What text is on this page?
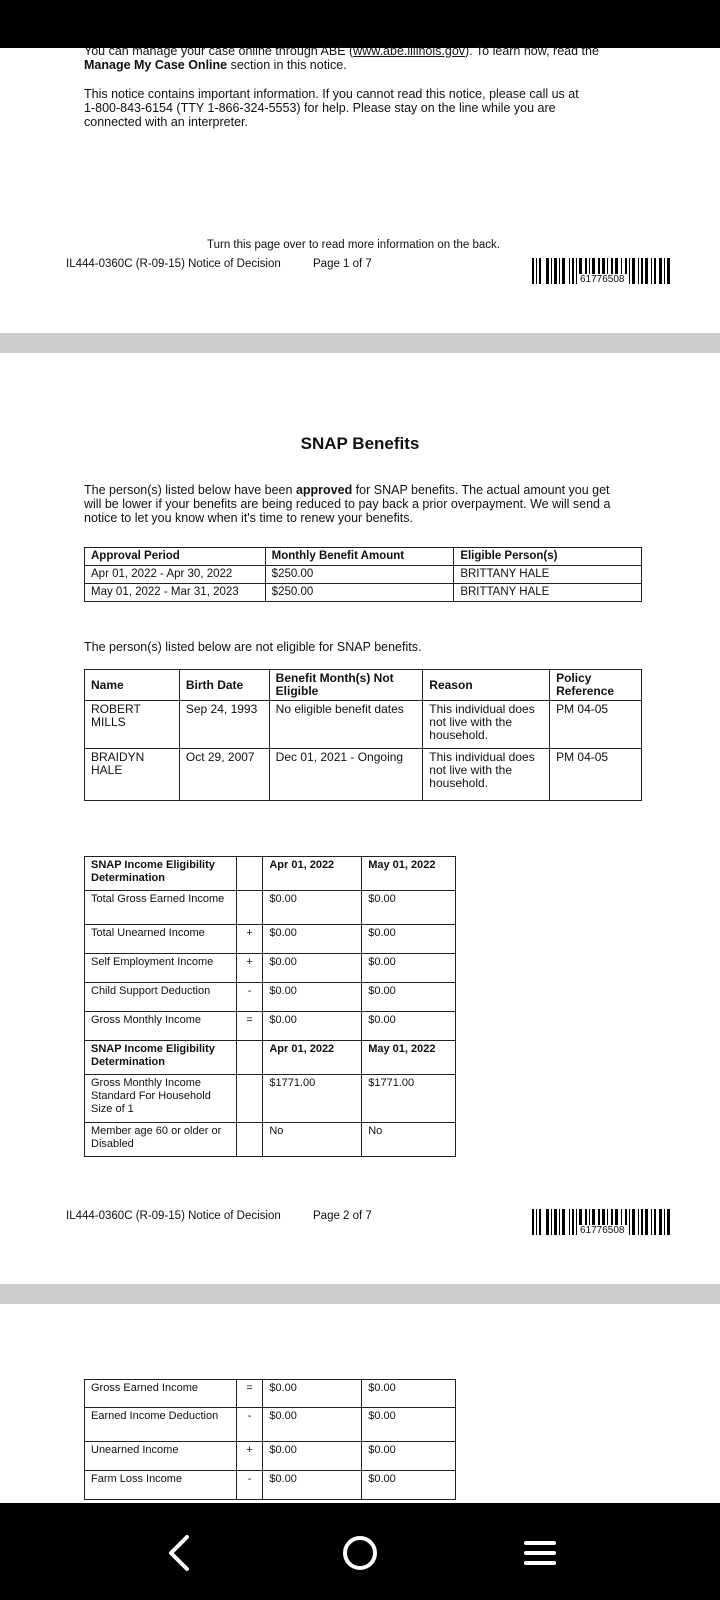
You can manage your case online through ABE (www.abe.illinois.gov). To learn how, read the
Manage My Case Online section in this notice.
This notice contains important information. If you cannot read this notice, please call us at
1-800-843-6154 (TTY 1-866-324-5553) for help. Please stay on the line while you are
connected with an interpreter.
Turn this page over to read more information on the back.
IL444-0360C (R-09-15) Notice of Decision	Page 1 of 7
61776508
SNAP Benefits
The person(s) listed below have been approved for SNAP benefits. The actual amount you get
will be lower if your benefits are being reduced to pay back a prior overpayment. We will send a
notice to let you know when it's time to renew your benefits.
Approval Period	Monthly Benefit Amount	Eligible Person(s)
Apr 01, 2022 - Apr 30, 2022	$250.00	BRITTANY HALE
May 01, 2022 - Mar 31, 2023	$250.00	BRITTANY HALE
The person(s) listed below are not eligible for SNAP benefits.
Name	Birth Date	Benefit Month(s) Not Eligible	Reason	Policy Reference
ROBERT MILLS	Sep 24, 1993	No eligible benefit dates	This individual does not live with the household.	PM 04-05
BRAIDYN HALE	Oct 29, 2007	Dec 01, 2021 - Ongoing	This individual does not live with the household.	PM 04-05
SNAP Income Eligibility Determination		Apr 01, 2022	May 01, 2022
Total Gross Earned Income		$0.00	$0.00
Total Unearned Income	+	$0.00	$0.00
Self Employment Income	+	$0.00	$0.00
Child Support Deduction	-	$0.00	$0.00
Gross Monthly Income	=	$0.00	$0.00
SNAP Income Eligibility Determination		Apr 01, 2022	May 01, 2022
Gross Monthly Income Standard For Household Size of 1		$1771.00	$1771.00
Member age 60 or older or Disabled		No	No
IL444-0360C (R-09-15) Notice of Decision	Page 2 of 7
61776508
Gross Earned Income	=	$0.00	$0.00
Earned Income Deduction	-	$0.00	$0.00
Unearned Income	+	$0.00	$0.00
Farm Loss Income	-	$0.00	$0.00
